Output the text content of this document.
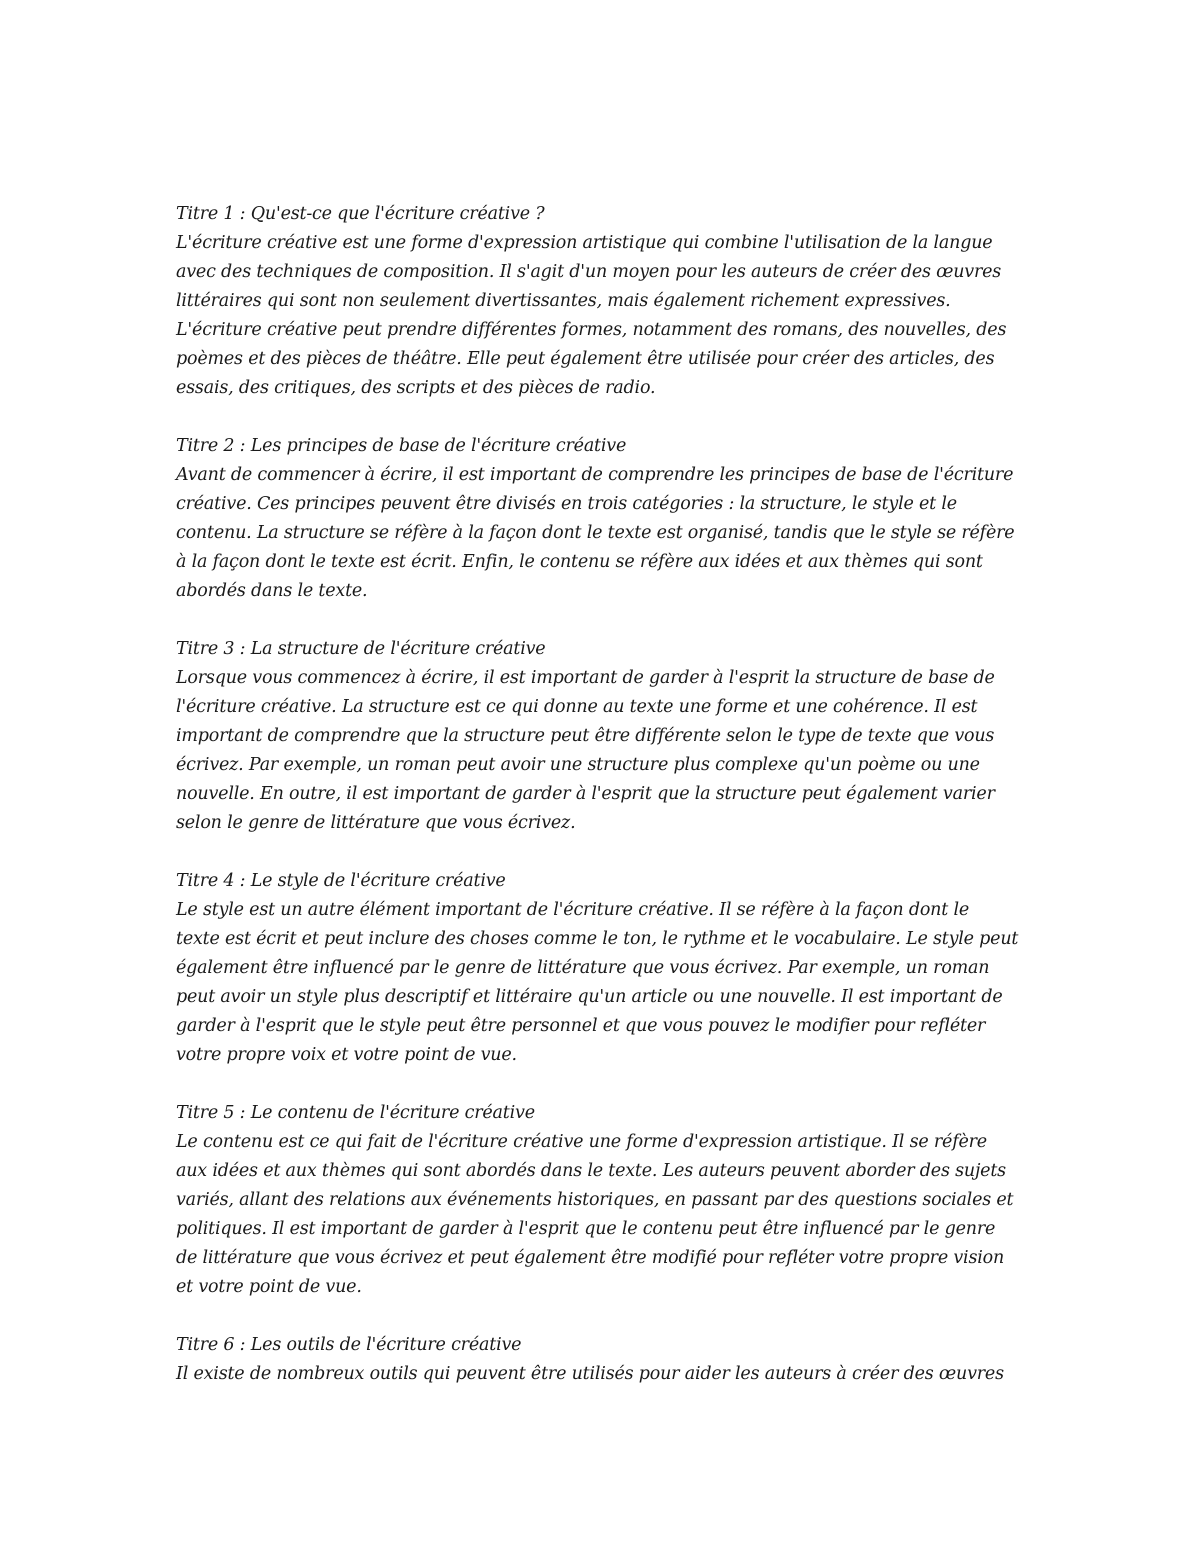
Titre 1 : Qu'est-ce que l'écriture créative ?
L'écriture créative est une forme d'expression artistique qui combine l'utilisation de la langue
avec des techniques de composition. Il s'agit d'un moyen pour les auteurs de créer des œuvres
littéraires qui sont non seulement divertissantes, mais également richement expressives.
L'écriture créative peut prendre différentes formes, notamment des romans, des nouvelles, des
poèmes et des pièces de théâtre. Elle peut également être utilisée pour créer des articles, des
essais, des critiques, des scripts et des pièces de radio.
Titre 2 : Les principes de base de l'écriture créative
Avant de commencer à écrire, il est important de comprendre les principes de base de l'écriture
créative. Ces principes peuvent être divisés en trois catégories : la structure, le style et le
contenu. La structure se réfère à la façon dont le texte est organisé, tandis que le style se réfère
à la façon dont le texte est écrit. Enfin, le contenu se réfère aux idées et aux thèmes qui sont
abordés dans le texte.
Titre 3 : La structure de l'écriture créative
Lorsque vous commencez à écrire, il est important de garder à l'esprit la structure de base de
l'écriture créative. La structure est ce qui donne au texte une forme et une cohérence. Il est
important de comprendre que la structure peut être différente selon le type de texte que vous
écrivez. Par exemple, un roman peut avoir une structure plus complexe qu'un poème ou une
nouvelle. En outre, il est important de garder à l'esprit que la structure peut également varier
selon le genre de littérature que vous écrivez.
Titre 4 : Le style de l'écriture créative
Le style est un autre élément important de l'écriture créative. Il se réfère à la façon dont le
texte est écrit et peut inclure des choses comme le ton, le rythme et le vocabulaire. Le style peut
également être influencé par le genre de littérature que vous écrivez. Par exemple, un roman
peut avoir un style plus descriptif et littéraire qu'un article ou une nouvelle. Il est important de
garder à l'esprit que le style peut être personnel et que vous pouvez le modifier pour refléter
votre propre voix et votre point de vue.
Titre 5 : Le contenu de l'écriture créative
Le contenu est ce qui fait de l'écriture créative une forme d'expression artistique. Il se réfère
aux idées et aux thèmes qui sont abordés dans le texte. Les auteurs peuvent aborder des sujets
variés, allant des relations aux événements historiques, en passant par des questions sociales et
politiques. Il est important de garder à l'esprit que le contenu peut être influencé par le genre
de littérature que vous écrivez et peut également être modifié pour refléter votre propre vision
et votre point de vue.
Titre 6 : Les outils de l'écriture créative
Il existe de nombreux outils qui peuvent être utilisés pour aider les auteurs à créer des œuvres
